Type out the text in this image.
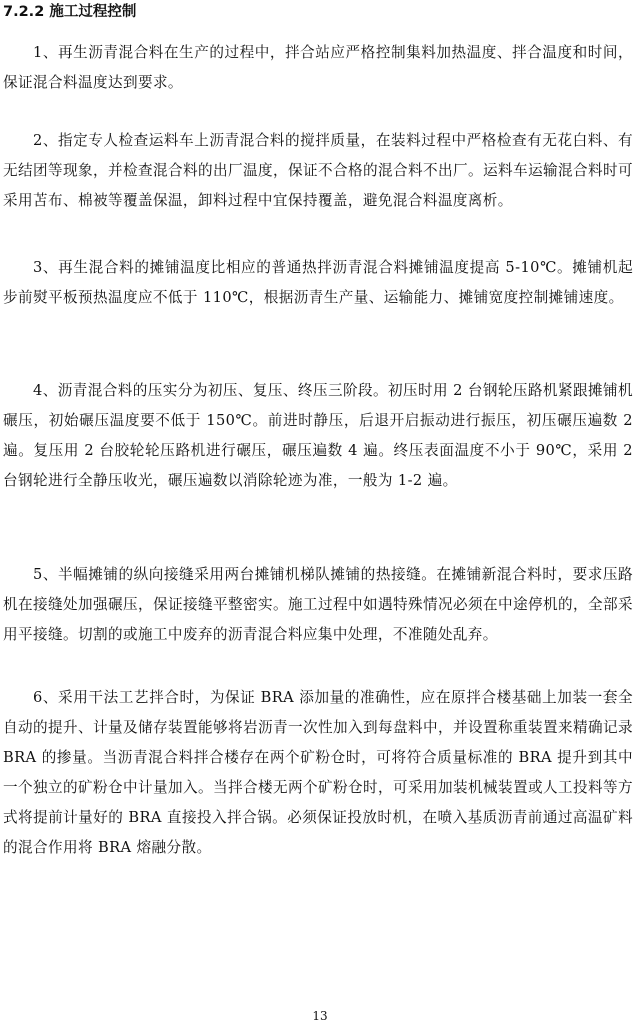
7.2.2 施工过程控制

1、再生沥青混合料在生产的过程中，拌合站应严格控制集料加热温度、拌合温度和时间，保证混合料温度达到要求。

2、指定专人检查运料车上沥青混合料的搅拌质量，在装料过程中严格检查有无花白料、有无结团等现象，并检查混合料的出厂温度，保证不合格的混合料不出厂。运料车运输混合料时可采用苫布、棉被等覆盖保温，卸料过程中宜保持覆盖，避免混合料温度离析。

3、再生混合料的摊铺温度比相应的普通热拌沥青混合料摊铺温度提高 5-10℃。摊铺机起步前熨平板预热温度应不低于 110℃，根据沥青生产量、运输能力、摊铺宽度控制摊铺速度。

4、沥青混合料的压实分为初压、复压、终压三阶段。初压时用 2 台钢轮压路机紧跟摊铺机碾压，初始碾压温度要不低于 150℃。前进时静压，后退开启振动进行振压，初压碾压遍数 2 遍。复压用 2 台胶轮轮压路机进行碾压，碾压遍数 4 遍。终压表面温度不小于 90℃，采用 2 台钢轮进行全静压收光，碾压遍数以消除轮迹为准，一般为 1-2 遍。

5、半幅摊铺的纵向接缝采用两台摊铺机梯队摊铺的热接缝。在摊铺新混合料时，要求压路机在接缝处加强碾压，保证接缝平整密实。施工过程中如遇特殊情况必须在中途停机的，全部采用平接缝。切割的或施工中废弃的沥青混合料应集中处理，不准随处乱弃。

6、采用干法工艺拌合时，为保证 BRA 添加量的准确性，应在原拌合楼基础上加装一套全自动的提升、计量及储存装置能够将岩沥青一次性加入到每盘料中，并设置称重装置来精确记录 BRA 的掺量。当沥青混合料拌合楼存在两个矿粉仓时，可将符合质量标准的 BRA 提升到其中一个独立的矿粉仓中计量加入。当拌合楼无两个矿粉仓时，可采用加装机械装置或人工投料等方式将提前计量好的 BRA 直接投入拌合锅。必须保证投放时机，在喷入基质沥青前通过高温矿料的混合作用将 BRA 熔融分散。

13
